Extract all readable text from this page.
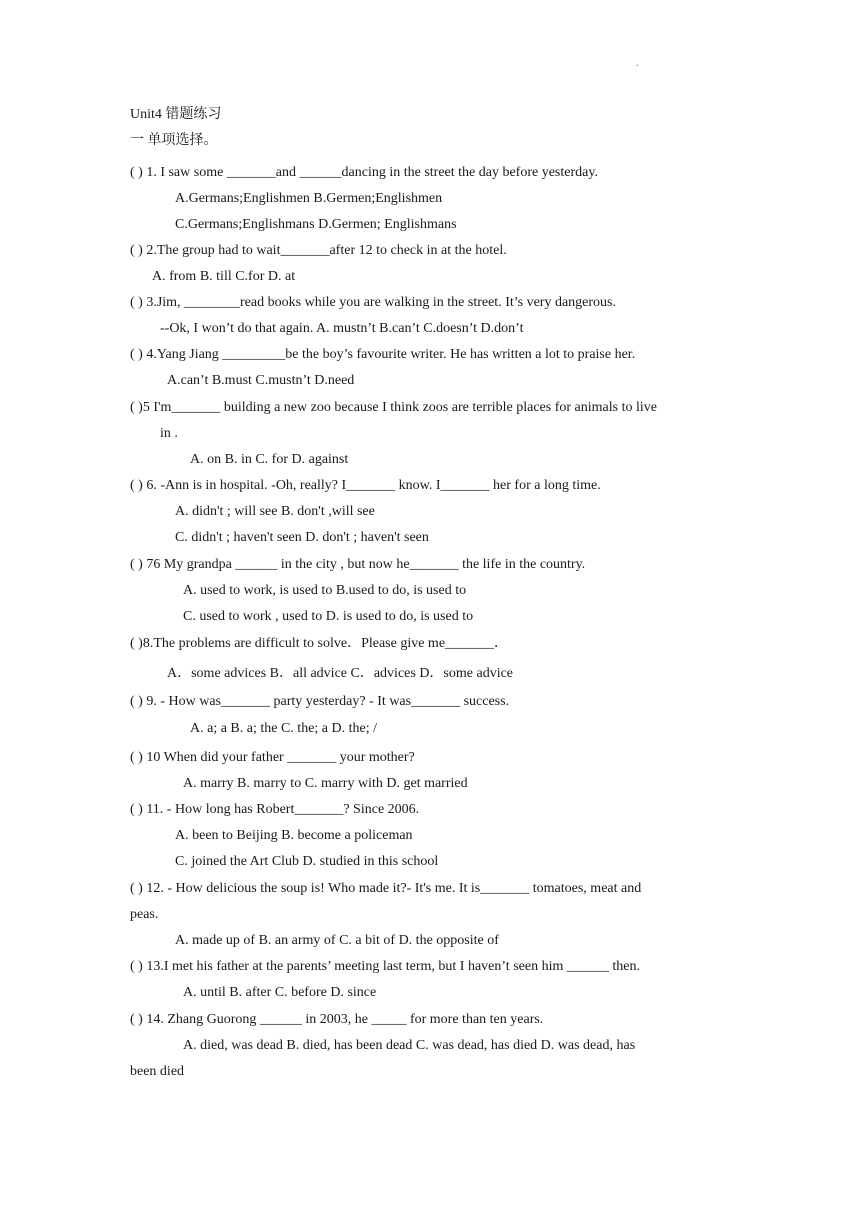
.
Unit4 错题练习
一 单项选择。
( ) 1. I saw some _______and ______dancing in the street the day before yesterday.
A.Germans;Englishmen B.Germen;Englishmen
C.Germans;Englishmans D.Germen; Englishmans
( ) 2.The group had to wait_______after 12 to check in at the hotel.
A. from B. till C.for D. at
( ) 3.Jim, ________read books while you are walking in the street. It’s very dangerous.
--Ok, I won’t do that again. A. mustn’t B.can’t C.doesn’t D.don’t
( ) 4.Yang Jiang _________be the boy’s favourite writer. He has written a lot to praise her.
A.can’t B.must C.mustn’t D.need
( )5 I'm_______ building a new zoo because I think zoos are terrible places for animals to live
in .
A. on B. in C. for D. against
( ) 6. -Ann is in hospital. -Oh, really? I_______ know. I_______ her for a long time.
A. didn't ; will see B. don't ,will see
C. didn't ; haven't seen D. don't ; haven't seen
( ) 76 My grandpa ______ in the city , but now he_______ the life in the country.
A. used to work, is used to B.used to do, is used to
C. used to work , used to D. is used to do, is used to
( )8.The problems are difficult to solve．Please give me_______．
A．some advices B．all advice C．advices D．some advice
( ) 9. - How was_______ party yesterday? - It was_______ success.
A. a; a B. a; the C. the; a D. the; /
( ) 10 When did your father _______ your mother?
A. marry B. marry to C. marry with D. get married
( ) 11. - How long has Robert_______? Since 2006.
A. been to Beijing B. become a policeman
C. joined the Art Club D. studied in this school
( ) 12. - How delicious the soup is! Who made it?- It's me. It is_______ tomatoes, meat and
peas.
A. made up of B. an army of C. a bit of D. the opposite of
( ) 13.I met his father at the parents’ meeting last term, but I haven’t seen him ______ then.
A. until B. after C. before D. since
( ) 14. Zhang Guorong ______ in 2003, he _____ for more than ten years.
A. died, was dead B. died, has been dead C. was dead, has died D. was dead, has
been died
